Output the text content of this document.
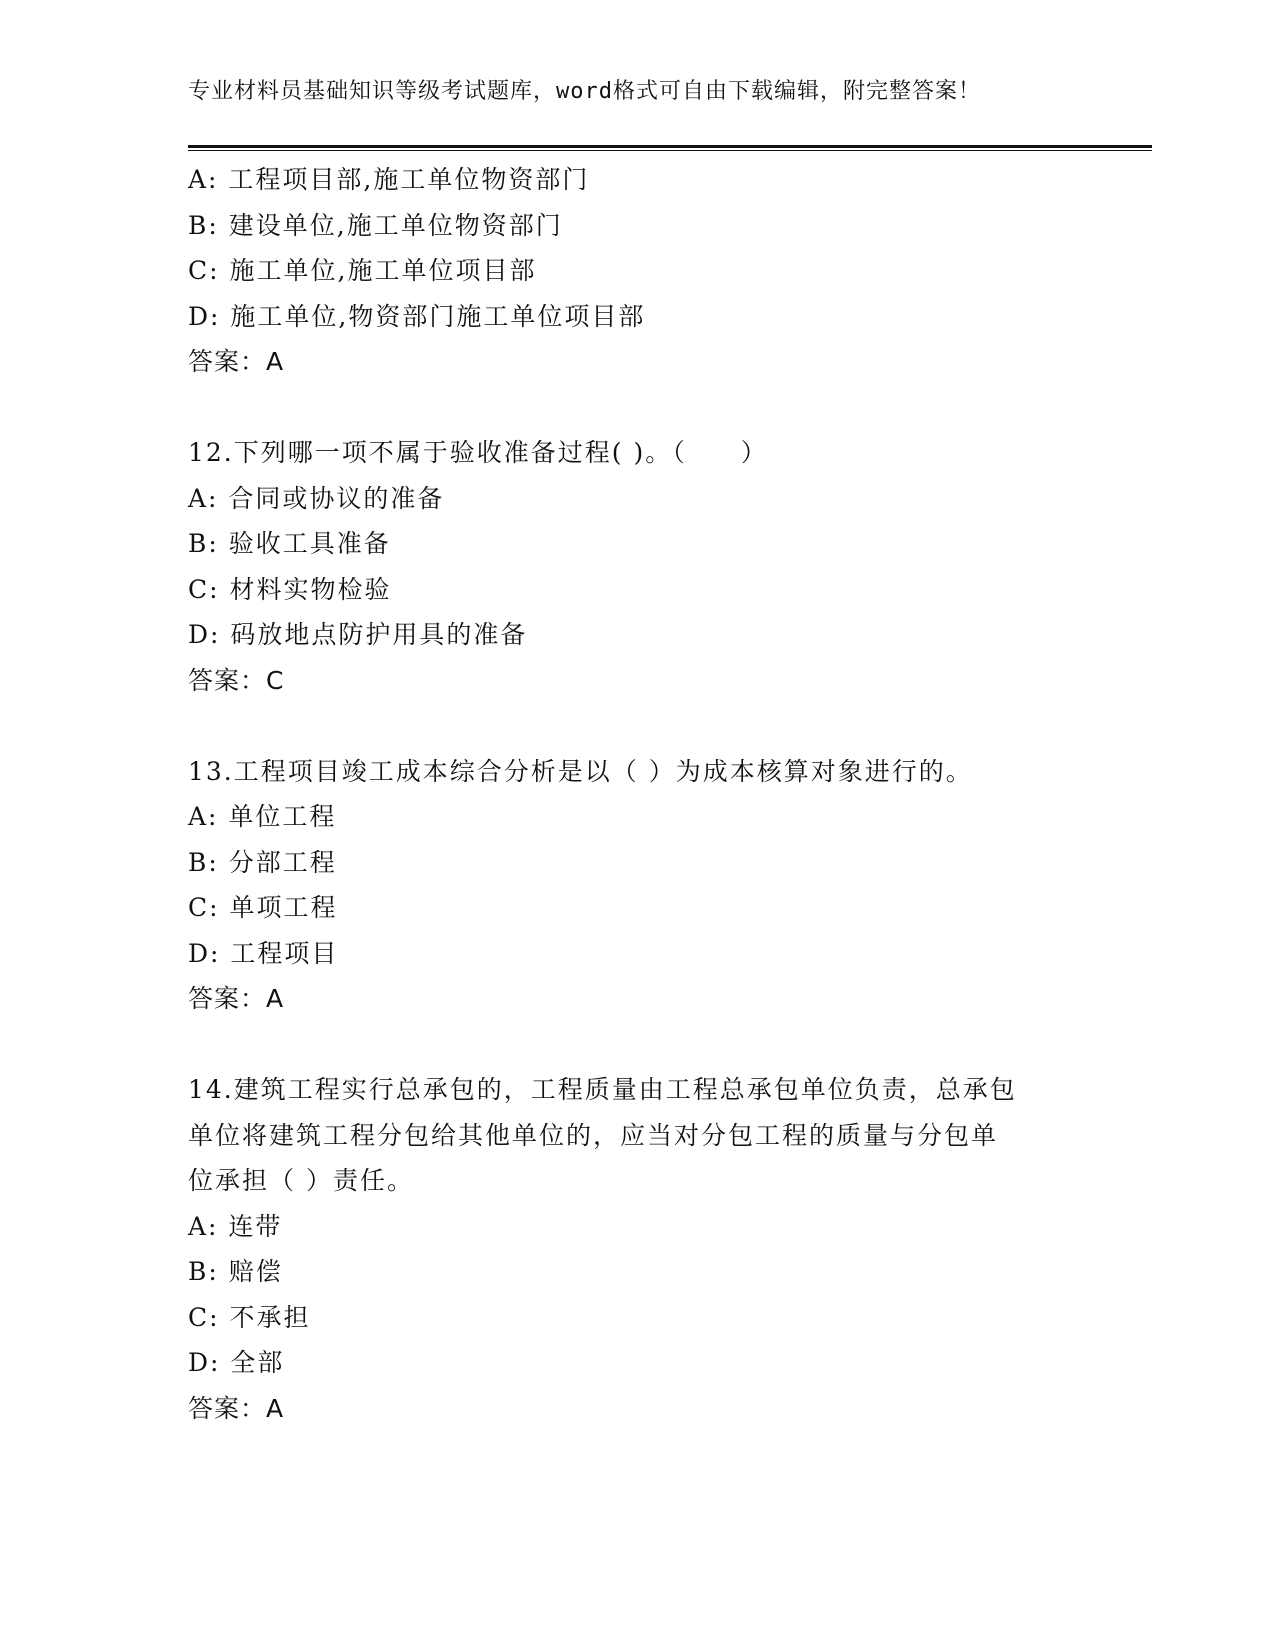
专业材料员基础知识等级考试题库，word格式可自由下载编辑，附完整答案！
A: 工程项目部,施工单位物资部门
B: 建设单位,施工单位物资部门
C: 施工单位,施工单位项目部
D: 施工单位,物资部门施工单位项目部
答案：A
12.下列哪一项不属于验收准备过程( )。（　　）
A: 合同或协议的准备
B: 验收工具准备
C: 材料实物检验
D: 码放地点防护用具的准备
答案：C
13.工程项目竣工成本综合分析是以（ ）为成本核算对象进行的。
A: 单位工程
B: 分部工程
C: 单项工程
D: 工程项目
答案：A
14.建筑工程实行总承包的，工程质量由工程总承包单位负责，总承包
单位将建筑工程分包给其他单位的，应当对分包工程的质量与分包单
位承担（ ）责任。
A: 连带
B: 赔偿
C: 不承担
D: 全部
答案：A
